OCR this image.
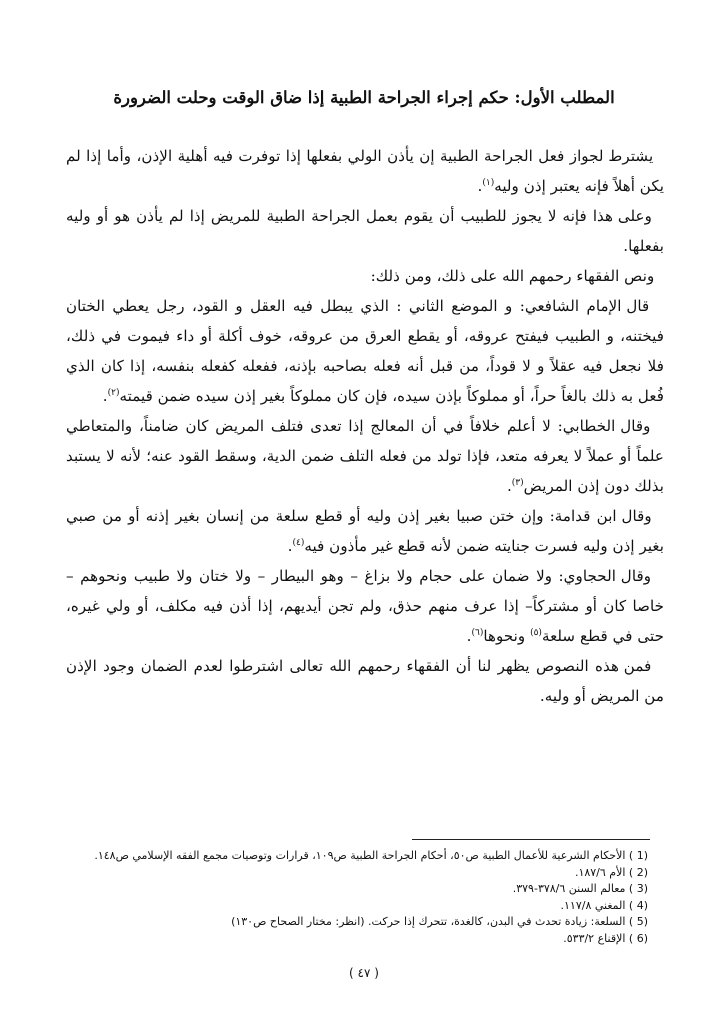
المطلب الأول: حكم إجراء الجراحة الطبية إذا ضاق الوقت وحلت الضرورة

يشترط لجواز فعل الجراحة الطبية إن يأذن الولي بفعلها إذا توفرت فيه أهلية الإذن، وأما إذا لم يكن أهلاً فإنه يعتبر إذن وليه$^{(١)}$.

وعلى هذا فإنه لا يجوز للطبيب أن يقوم بعمل الجراحة الطبية للمريض إذا لم يأذن هو أو وليه بفعلها.

ونص الفقهاء رحمهم الله على ذلك، ومن ذلك:

قال الإمام الشافعي: و الموضع الثاني : الذي يبطل فيه العقل و القود، رجل يعطي الختان فيختنه، و الطبيب فيفتح عروقه، أو يقطع العرق من عروقه، خوف أكلة أو داء فيموت في ذلك، فلا نجعل فيه عقلاً و لا قوداً، من قبل أنه فعله بصاحبه بإذنه، ففعله كفعله بنفسه، إذا كان الذي فُعل به ذلك بالغاً حراً، أو مملوكاً بإذن سيده، فإن كان مملوكاً بغير إذن سيده ضمن قيمته$^{(٢)}$.

وقال الخطابي: لا أعلم خلافاً في أن المعالج إذا تعدى فتلف المريض كان ضامناً، والمتعاطي علماً أو عملاً لا يعرفه متعد، فإذا تولد من فعله التلف ضمن الدية، وسقط القود عنه؛ لأنه لا يستبد بذلك دون إذن المريض$^{(٣)}$.

وقال ابن قدامة: وإن ختن صبيا بغير إذن وليه أو قطع سلعة من إنسان بغير إذنه أو من صبي بغير إذن وليه فسرت جنايته ضمن لأنه قطع غير مأذون فيه$^{(٤)}$.

وقال الحجاوي: ولا ضمان على حجام ولا بزاغ – وهو البيطار – ولا ختان ولا طبيب ونحوهم – خاصا كان أو مشتركاً– إذا عرف منهم حذق، ولم تجن أيديهم، إذا أذن فيه مكلف، أو ولي غيره، حتى في قطع سلعة$^{(٥)}$ ونحوها$^{(٦)}$.

فمن هذه النصوص يظهر لنا أن الفقهاء رحمهم الله تعالى اشترطوا لعدم الضمان وجود الإذن من المريض أو وليه.

(1 ) الأحكام الشرعية للأعمال الطبية ص٥٠، أحكام الجراحة الطبية ص١٠٩، قرارات وتوصيات مجمع الفقه الإسلامي ص١٤٨.
(2 ) الأم ١٨٧/٦.
(3 ) معالم السنن ٣٧٨/٦-٣٧٩.
(4 ) المغني ١١٧/٨.
(5 ) السلعة: زيادة تحدث في البدن، كالغدة، تتحرك إذا حركت. (انظر: مختار الصحاح ص١٣٠)
(6 ) الإقناع ٥٣٣/٢.
( ٤٧ )
